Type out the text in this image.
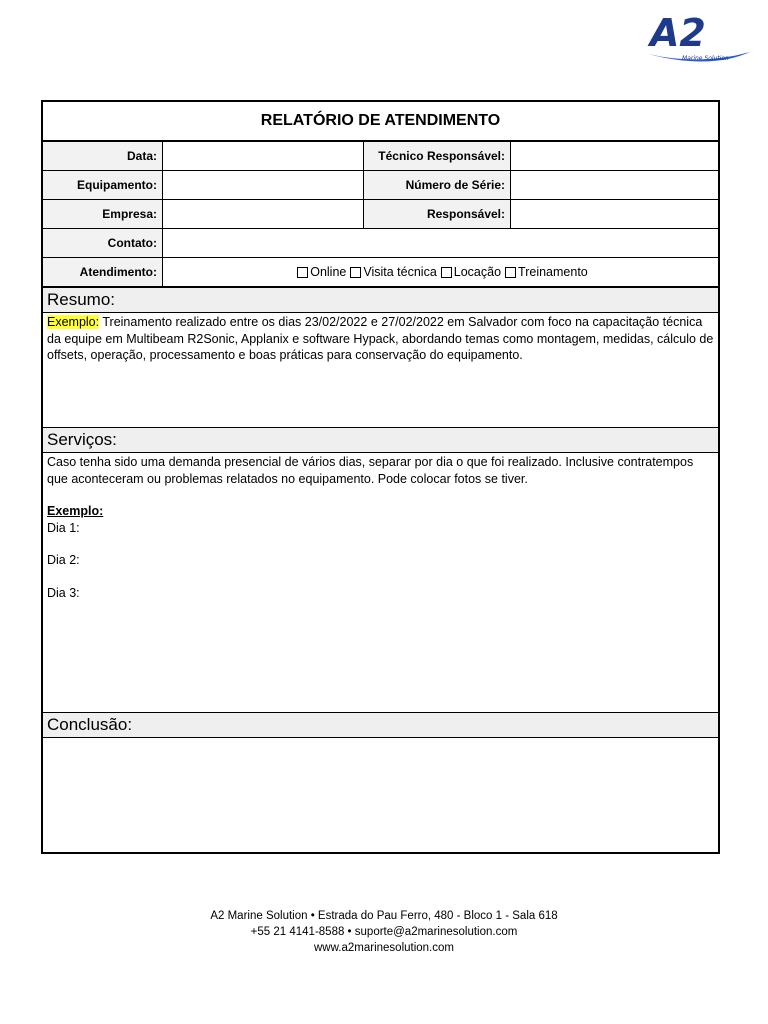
A2
Marine Solution
RELATÓRIO DE ATENDIMENTO
Data:	Técnico Responsável:
Equipamento:	Número de Série:
Empresa:	Responsável:
Contato:
Atendimento:	Online Visita técnica Locação Treinamento
Resumo:
Exemplo: Treinamento realizado entre os dias 23/02/2022 e 27/02/2022 em Salvador com foco na capacitação técnica da equipe em Multibeam R2Sonic, Applanix e software Hypack, abordando temas como montagem, medidas, cálculo de offsets, operação, processamento e boas práticas para conservação do equipamento.
Serviços:
Caso tenha sido uma demanda presencial de vários dias, separar por dia o que foi realizado. Inclusive contratempos que aconteceram ou problemas relatados no equipamento. Pode colocar fotos se tiver.
Exemplo:
Dia 1:
Dia 2:
Dia 3:
Conclusão:
A2 Marine Solution • Estrada do Pau Ferro, 480 - Bloco 1 - Sala 618
+55 21 4141-8588 • suporte@a2marinesolution.com
www.a2marinesolution.com
